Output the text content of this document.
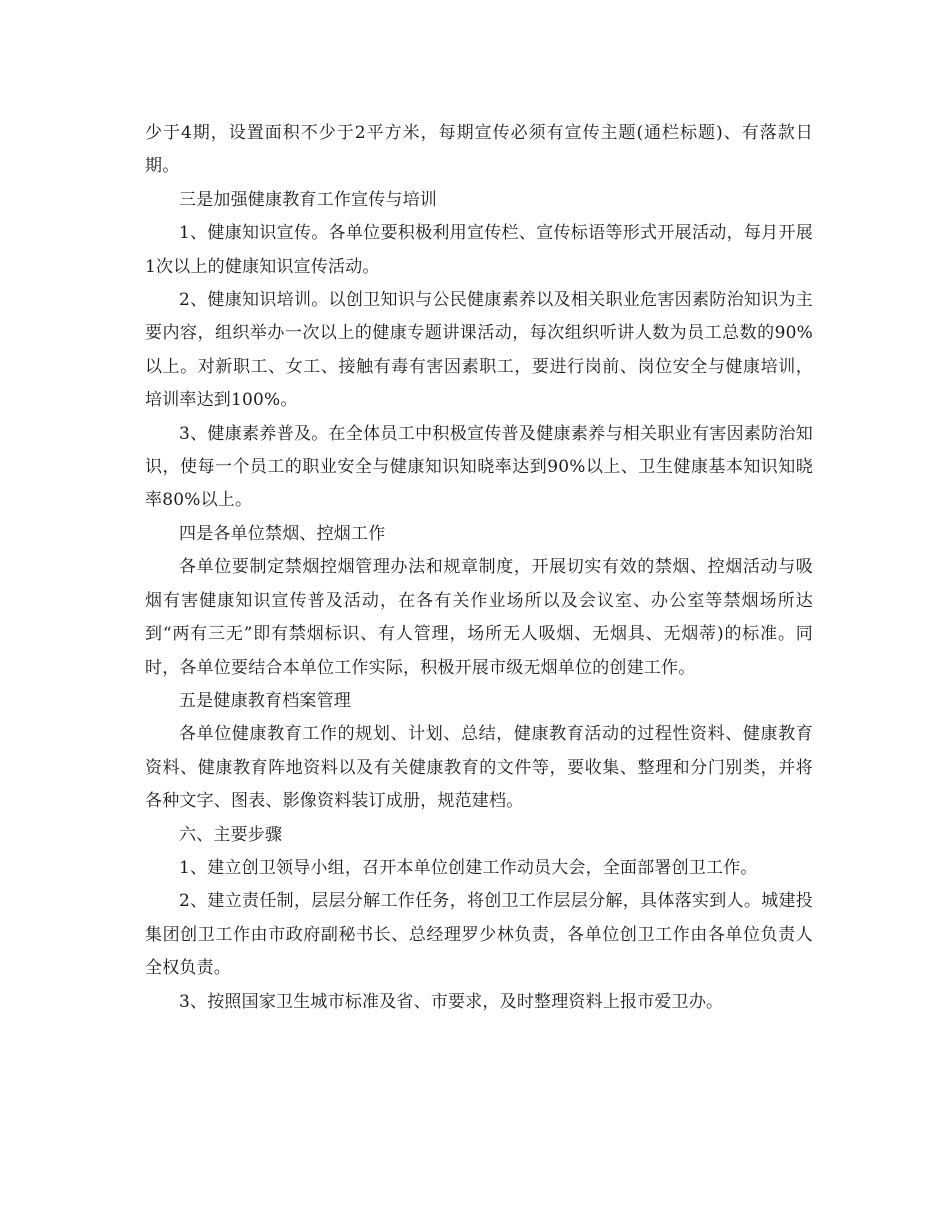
少于4期，设置面积不少于2平方米，每期宣传必须有宣传主题(通栏标题)、有落款日期。

三是加强健康教育工作宣传与培训

1、健康知识宣传。各单位要积极利用宣传栏、宣传标语等形式开展活动，每月开展1次以上的健康知识宣传活动。

2、健康知识培训。以创卫知识与公民健康素养以及相关职业危害因素防治知识为主要内容，组织举办一次以上的健康专题讲课活动，每次组织听讲人数为员工总数的90%以上。对新职工、女工、接触有毒有害因素职工，要进行岗前、岗位安全与健康培训，培训率达到100%。

3、健康素养普及。在全体员工中积极宣传普及健康素养与相关职业有害因素防治知识，使每一个员工的职业安全与健康知识知晓率达到90%以上、卫生健康基本知识知晓率80%以上。

四是各单位禁烟、控烟工作

各单位要制定禁烟控烟管理办法和规章制度，开展切实有效的禁烟、控烟活动与吸烟有害健康知识宣传普及活动，在各有关作业场所以及会议室、办公室等禁烟场所达到“两有三无”即有禁烟标识、有人管理，场所无人吸烟、无烟具、无烟蒂)的标准。同时，各单位要结合本单位工作实际，积极开展市级无烟单位的创建工作。

五是健康教育档案管理

各单位健康教育工作的规划、计划、总结，健康教育活动的过程性资料、健康教育资料、健康教育阵地资料以及有关健康教育的文件等，要收集、整理和分门别类，并将各种文字、图表、影像资料装订成册，规范建档。

六、主要步骤

1、建立创卫领导小组，召开本单位创建工作动员大会，全面部署创卫工作。

2、建立责任制，层层分解工作任务，将创卫工作层层分解，具体落实到人。城建投集团创卫工作由市政府副秘书长、总经理罗少林负责，各单位创卫工作由各单位负责人全权负责。

3、按照国家卫生城市标准及省、市要求，及时整理资料上报市爱卫办。
